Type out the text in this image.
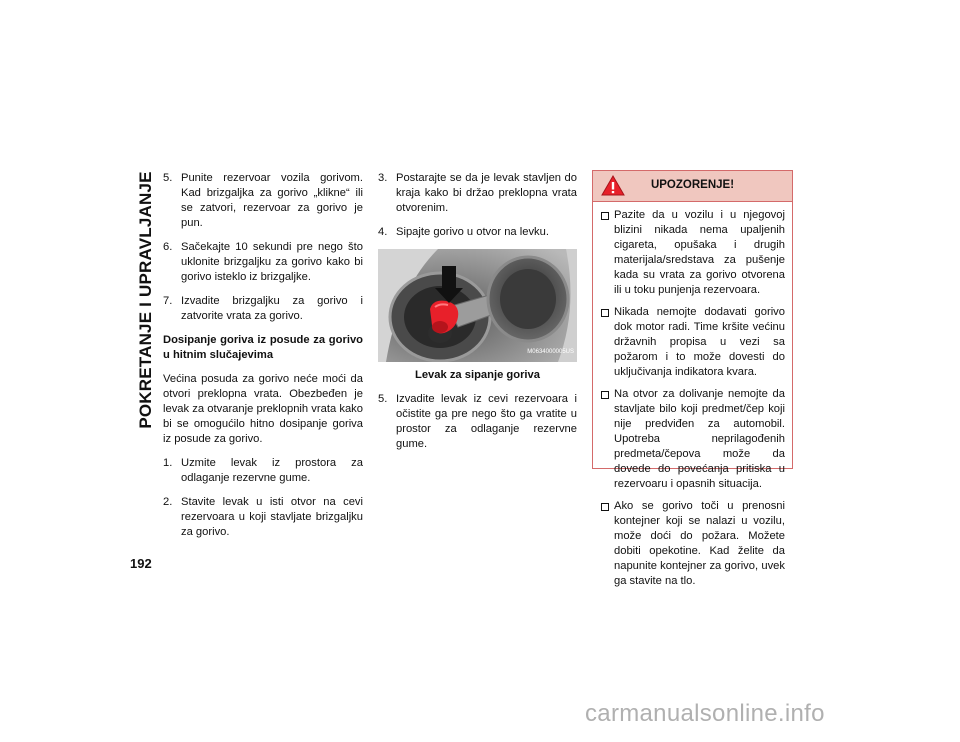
POKRETANJE I UPRAVLJANJE
192
5. Punite rezervoar vozila gorivom. Kad brizgaljka za gorivo „klikne“ ili se zatvori, rezervoar za gorivo je pun.
6. Sačekajte 10 sekundi pre nego što uklonite brizgaljku za gorivo kako bi gorivo isteklo iz brizgaljke.
7. Izvadite brizgaljku za gorivo i zatvorite vrata za gorivo.

Dosipanje goriva iz posude za gorivo u hitnim slučajevima

Većina posuda za gorivo neće moći da otvori preklopna vrata. Obezbeđen je levak za otvaranje preklopnih vrata kako bi se omogućilo hitno dosipanje goriva iz posude za gorivo.

1. Uzmite levak iz prostora za odlaganje rezervne gume.
2. Stavite levak u isti otvor na cevi rezervoara u koji stavljate brizgaljku za gorivo.
3. Postarajte se da je levak stavljen do kraja kako bi držao preklopna vrata otvorenim.
4. Sipajte gorivo u otvor na levku.
M0634000005US
Levak za sipanje goriva
5. Izvadite levak iz cevi rezervoara i očistite ga pre nego što ga vratite u prostor za odlaganje rezervne gume.
UPOZORENJE!
Pazite da u vozilu i u njegovoj blizini nikada nema upaljenih cigareta, opušaka i drugih materijala/sredstava za pušenje kada su vrata za gorivo otvorena ili u toku punjenja rezervoara.
Nikada nemojte dodavati gorivo dok motor radi. Time kršite većinu državnih propisa u vezi sa požarom i to može dovesti do uključivanja indikatora kvara.
Na otvor za dolivanje nemojte da stavljate bilo koji predmet/čep koji nije predviđen za automobil. Upotreba neprilagođenih predmeta/čepova može da dovede do povećanja pritiska u rezervoaru i opasnih situacija.
Ako se gorivo toči u prenosni kontejner koji se nalazi u vozilu, može doći do požara. Možete dobiti opekotine. Kad želite da napunite kontejner za gorivo, uvek ga stavite na tlo.
carmanualsonline.info
